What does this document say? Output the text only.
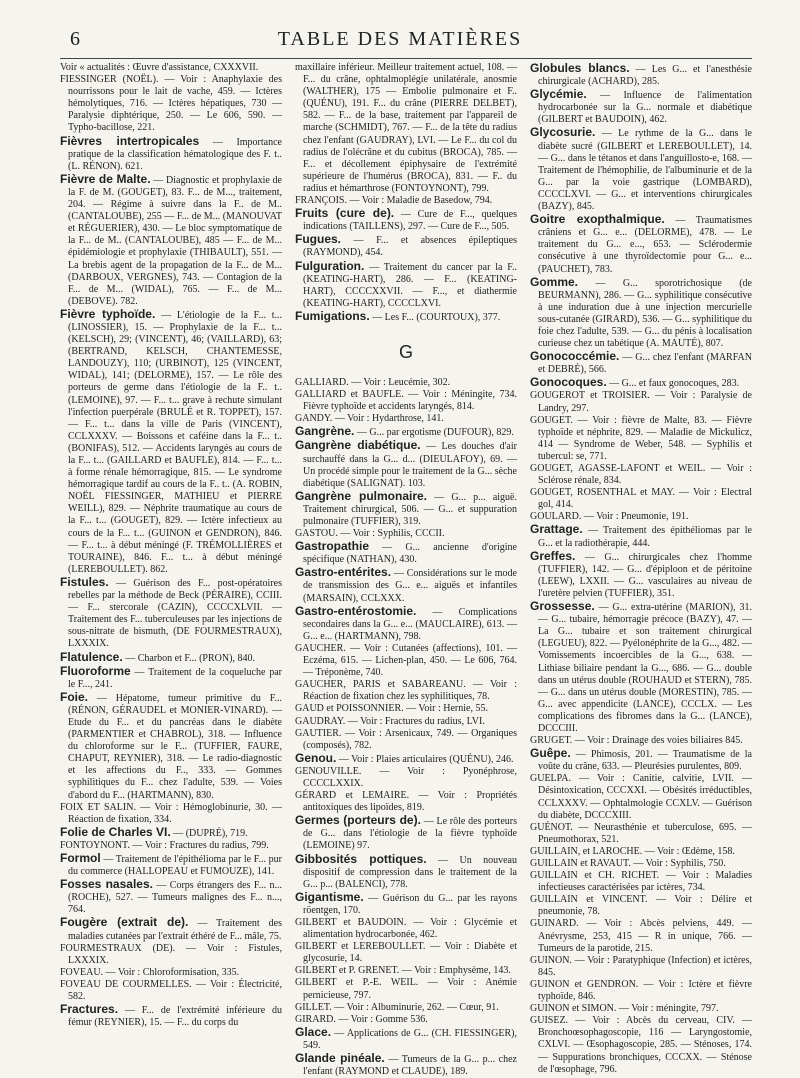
6	TABLE DES MATIÈRES

Voir « actualités : Œuvre d'assistance, CXXXVII.

FIESSINGER (NOËL). — Voir : Anaphylaxie des nourrissons pour le lait de vache, 459. — Ictères hémolytiques, 716. — Ictères hépatiques, 730 — Paralysie diphtérique, 250. — Le 606, 590. — Typho-bacillose, 221.

Fièvres intertropicales — Importance pratique de la classification hématologique des F. t.. (L. RÉNON). 621.

Fièvre de Malte. — Diagnostic et prophylaxie de la F. de M. (GOUGET), 83. F... de M..., traitement, 204. — Régime à suivre dans la F.. de M.. (CANTALOUBE), 255 — F... de M... (MANOUVAT et RÉGUERIER), 430. — Le bloc symptomatique de la F... de M.. (CANTALOUBE), 485 — F... de M... épidémiologie et prophylaxie (THIBAULT), 551. — La brebis agent de la propagation de la F... de M... (DARBOUX, VERGNES), 743. — Contagion de la F... de M... (WIDAL), 765. — F... de M... (DEBOVE). 782.

Fièvre typhoïde. — L'étiologie de la F... t... (LINOSSIER), 15. — Prophylaxie de la F... t... (KELSCH), 29; (VINCENT), 46; (VAILLARD), 63; (BERTRAND, KELSCH, CHANTEMESSE, LANDOUZY), 110; (URBINOT), 125 (VINCENT, WIDAL), 141; (DELORME), 157. — Le rôle des porteurs de germe dans l'étiologie de la F.. t.. (LEMOINE), 97. — F... t... grave à rechute simulant l'infection puerpérale (BRULÉ et R. TOPPET), 157. — F... t... dans la ville de Paris (VINCENT), CCLXXXV. — Boissons et caféine dans la F... t.. (BONIFAS), 512. — Accidents laryngés au cours de la F... t... (GAILLARD et BAUFLE), 814. — F... t... à forme rénale hémorragique, 815. — Le syndrome hémorragique tardif au cours de la F.. t.. (A. ROBIN, NOËL FIESSINGER, MATHIEU et PIERRE WEILL), 829. — Néphrite traumatique au cours de la F... t... (GOUGET), 829. — Ictère infectieux au cours de la F... t... (GUINON et GENDRON), 846. — F... t... à début méningé (F. TRÉMOLLIÈRES et TOURAINE), 846. F... t... à début méningé (LEREBOULLET). 862.

Fistules. — Guérison des F... post-opératoires rebelles par la méthode de Beck (PÉRAIRE), CCIII. — F... stercorale (CAZIN), CCCCXLVII. — Traitement des F... tuberculeuses par les injections de sous-nitrate de bismuth, (DE FOURMESTRAUX), LXXXIX.

Flatulence. — Charbon et F... (PRON), 840.

Fluoroforme — Traitement de la coqueluche par le F..., 241.

Foie. — Hépatome, tumeur primitive du F... (RÉNON, GÉRAUDEL et MONIER-VINARD). — Etude du F... et du pancréas dans le diabète (PARMENTIER et CHABROL), 318. — Influence du chloroforme sur le F... (TUFFIER, FAURE, CHAPUT, REYNIER), 318. — Le radio-diagnostic et les affections du F.., 333. — Gommes syphilitiques du F... chez l'adulte, 539. — Voies d'abord du F... (HARTMANN), 830.

FOIX ET SALIN. — Voir : Hémoglobinurie, 30. — Réaction de fixation, 334.

Folie de Charles VI. — (DUPRÉ), 719.

FONTOYNONT. — Voir : Fractures du radius, 799.

Formol — Traitement de l'épithélioma par le F... pur du commerce (HALLOPEAU et FUMOUZE), 141.

Fosses nasales. — Corps étrangers des F... n... (ROCHE), 527. — Tumeurs malignes des F... n..., 764.

Fougère (extrait de). — Traitement des maladies cutanées par l'extrait éthéré de F... mâle, 75.

FOURMESTRAUX (DE). — Voir : Fistules, LXXXIX.

FOVEAU. — Voir : Chloroformisation, 335.

FOVEAU DE COURMELLES. — Voir : Électricité, 582.

Fractures. — F... de l'extrémité inférieure du fémur (REYNIER), 15. — F... du corps du

maxillaire inférieur. Meilleur traitement actuel, 108. — F... du crâne, ophtalmoplégie unilatérale, anosmie (WALTHER), 175 — Embolie pulmonaire et F.. (QUÉNU), 191. F... du crâne (PIERRE DELBET), 582. — F... de la base, traitement par l'appareil de marche (SCHMIDT), 767. — F... de la tête du radius chez l'enfant (GAUDRAY), LVI. — Le F... du col du radius de l'olécrâne et du cubitus (BROCA), 785. — F... et décollement épiphysaire de l'extrémité supérieure de l'humérus (BROCA), 831. — F.. du radius et hémarthrose (FONTOYNONT), 799.

FRANÇOIS. — Voir : Maladie de Basedow, 794.

Fruits (cure de). — Cure de F..., quelques indications (TAILLENS), 297. — Cure de F..., 505.

Fugues. — F... et absences épileptiques (RAYMOND), 454.

Fulguration. — Traitement du cancer par la F.. (KEATING-HART), 286. — F... (KEATING-HART), CCCCXXVII. — F..., et diathermie (KEATING-HART), CCCCLXVI.

Fumigations. — Les F... (COURTOUX), 377.

G

GALLIARD. — Voir : Leucémie, 302.

GALLIARD et BAUFLE. — Voir : Méningite, 734. Fièvre typhoïde et accidents laryngés, 814.

GANDY. — Voir : Hydarthrose, 141.

Gangrène. — G... par ergotisme (DUFOUR), 829.

Gangrène diabétique. — Les douches d'air surchauffé dans la G... d... (DIEULAFOY), 69. — Un procédé simple pour le traitement de la G... sèche diabétique (SALIGNAT). 103.

Gangrène pulmonaire. — G... p... aiguë. Traitement chirurgical, 506. — G... et suppuration pulmonaire (TUFFIER), 319.

GASTOU. — Voir : Syphilis, CCCII.

Gastropathie — G... ancienne d'origine spécifique (NATHAN), 430.

Gastro-entérites. — Considérations sur le mode de transmission des G... e... aiguës et infantiles (MARSAIN), CCLXXX.

Gastro-entérostomie. — Complications secondaires dans la G... e... (MAUCLAIRE), 613. — G... e... (HARTMANN), 798.

GAUCHER. — Voir : Cutanées (affections), 101. — Eczéma, 615. — Lichen-plan, 450. — Le 606, 764. — Tréponème, 740.

GAUCHER, PARIS et SABAREANU. — Voir : Réaction de fixation chez les syphilitiques, 78.

GAUD et POISSONNIER. — Voir : Hernie, 55.

GAUDRAY. — Voir : Fractures du radius, LVI.

GAUTIER. — Voir : Arsenicaux, 749. — Organiques (composés), 782.

Genou. — Voir : Plaies articulaires (QUÉNU), 246.

GENOUVILLE. — Voir : Pyonéphrose, CCCCLXXIX.

GÉRARD et LEMAIRE. — Voir : Propriétés antitoxiques des lipoïdes, 819.

Germes (porteurs de). — Le rôle des porteurs de G... dans l'étiologie de la fièvre typhoïde (LEMOINE) 97.

Gibbosités pottiques. — Un nouveau dispositif de compression dans le traitement de la G... p... (BALENCI), 778.

Gigantisme. — Guérison du G... par les rayons röentgen, 170.

GILBERT et BAUDOIN. — Voir : Glycémie et alimentation hydrocarbonée, 462.

GILBERT et LEREBOULLET. — Voir : Diabète et glycosurie, 14.

GILBERT et P. GRENET. — Voir : Emphysème, 143.

GILBERT et P.-E. WEIL. — Voir : Anémie pernicieuse, 797.

GILLET. — Voir : Albuminurie, 262. — Cœur, 91.

GIRARD. — Voir : Gomme 536.

Glace. — Applications de G... (CH. FIESSINGER), 549.

Glande pinéale. — Tumeurs de la G... p... chez l'enfant (RAYMOND et CLAUDE), 189.

Globules blancs. — Les G... et l'anesthésie chirurgicale (ACHARD), 285.

Glycémie. — Influence de l'alimentation hydrocarbonée sur la G... normale et diabétique (GILBERT et BAUDOIN), 462.

Glycosurie. — Le rythme de la G... dans le diabète sucré (GILBERT et LEREBOULLET), 14. — G... dans le tétanos et dans l'anguillosto-e, 168. — Traitement de l'hémophilie, de l'albuminurie et de la G... par la voie gastrique (LOMBARD), CCCCLXVI. — G... et interventions chirurgicales (BAZY), 845.

Goitre exopthalmique. — Traumatismes crâniens et G... e... (DELORME), 478. — Le traitement du G... e..., 653. — Sclérodermie consécutive à une thyroïdectomie pour G... e... (PAUCHET), 783.

Gomme. — G... sporotrichosique (de BEURMANN), 286. — G... syphilitique consécutive à une induration due à une injection mercurielle sous-cutanée (GIRARD), 536. — G... syphilitique du foie chez l'adulte, 539. — G... du pénis à localisation curieuse chez un tabétique (A. MAUTÉ), 807.

Gonococcémie. — G... chez l'enfant (MARFAN et DEBRÉ), 566.

Gonocoques. — G... et faux gonocoques, 283.

GOUGEROT et TROISIER. — Voir : Paralysie de Landry, 297.

GOUGET. — Voir : fièvre de Malte, 83. — Fièvre typhoïde et néphrite, 829. — Maladie de Mickulicz, 414 — Syndrome de Weber, 548. — Syphilis et tubercul: se, 771.

GOUGET, AGASSE-LAFONT et WEIL. — Voir : Sclérose rénale, 834.

GOUGET, ROSENTHAL et MAY. — Voir : Electral gol, 414.

GOULARD. — Voir : Pneumonie, 191.

Grattage. — Traitement des épithéliomas par le G... et la radiothérapie, 444.

Greffes. — G... chirurgicales chez l'homme (TUFFIER), 142. — G... d'épiploon et de péritoine (LEEW), LXXII. — G... vasculaires au niveau de l'uretère pelvien (TUFFIER), 351.

Grossesse. — G... extra-utérine (MARION), 31. — G... tubaire, hémorragie précoce (BAZY), 47. — La G... tubaire et son traitement chirurgical (LEGUEU), 822. — Pyélonéphrite de la G..., 482. — Vomissements incoercibles de la G..., 638. — Lithiase biliaire pendant la G..., 686. — G... double dans un utérus double (ROUHAUD et STERN), 785. — G... dans un utérus double (MORESTIN), 785. — G... avec appendicite (LANCE), CCCLX. — Les complications des fibromes dans la G... (LANCE), DCCCIII.

GRUGET. — Voir : Drainage des voies biliaires 845.

Guêpe. — Phimosis, 201. — Traumatisme de la voûte du crâne, 633. — Pleurésies purulentes, 809.

GUELPA. — Voir : Canitie, calvitie, LVII. — Désintoxication, CCCXXI. — Obésités irréductibles, CCLXXXV. — Ophtalmologie CCXLV. — Guérison du diabète, DCCCXIII.

GUÉNOT. — Neurasthénie et tuberculose, 695. — Pneumothorax, 521.

GUILLAIN, et LAROCHE. — Voir : Œdème, 158.

GUILLAIN et RAVAUT. — Voir : Syphilis, 750.

GUILLAIN et CH. RICHET. — Voir : Maladies infectieuses caractérisées par ictères, 734.

GUILLAIN et VINCENT. — Voir : Délire et pneumonie, 78.

GUINARD. — Voir : Abcès pelviens, 449. — Anévrysme, 253, 415 — R in unique, 766. — Tumeurs de la parotide, 215.

GUINON. — Voir : Paratyphique (Infection) et ictères, 845.

GUINON et GENDRON. — Voir : Ictère et fièvre typhoïde, 846.

GUINON et SIMON. — Voir : méningite, 797.

GUISEZ. — Voir : Abcès du cerveau, CIV. — Bronchoœsophagoscopie, 116 — Laryngostomie, CXLVI. — Œsophagoscopie, 285. — Sténoses, 174. — Suppurations bronchiques, CCCXX. — Sténose de l'œsophage, 796.
